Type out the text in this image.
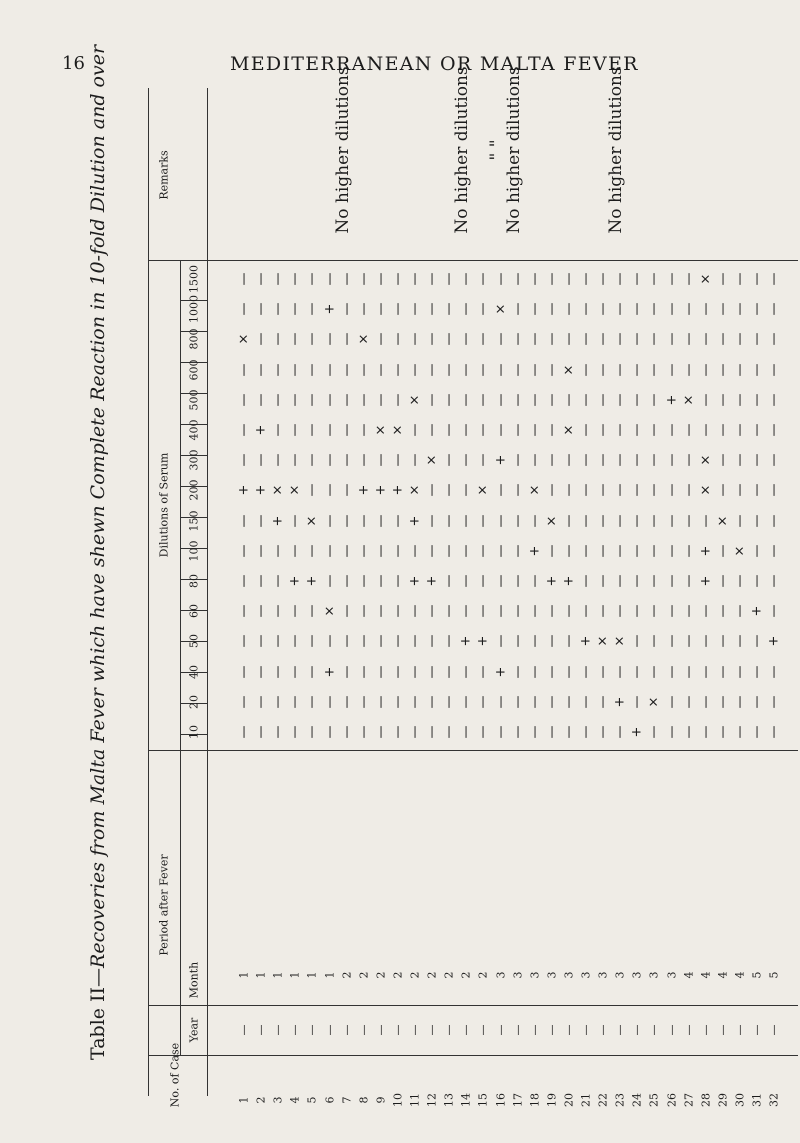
16	MEDITERRANEAN OR MALTA FEVER
Table II—Recoveries from Malta Fever which have shewn Complete Reaction in 10-fold Dilution and over	Remarks
Dilutions of Serum
Period after Fever
Month
Year
No. of Case
10
20
40
50
60
80
100
150
200
300
400
500
600
800
1000
1500
1
—
1
—
—
—
—
—
—
—
—
+
—
—
—
—
×
—
—
2
—
1
—
—
—
—
—
—
—
—
+
—
+
—
—
—
—
—
3
—
1
—
—
—
—
—
—
—
+
×
—
—
—
—
—
—
—
4
—
1
—
—
—
—
—
+
—
—
×
—
—
—
—
—
—
—
5
—
1
—
—
—
—
—
+
—
×
—
—
—
—
—
—
—
—
6
—
1
—
—
+
—
×
—
—
—
—
—
—
—
—
—
+
—
7
—
2
—
—
—
—
—
—
—
—
—
—
—
—
—
—
—
—
No higher dilutions
8
—
2
—
—
—
—
—
—
—
—
+
—
—
—
—
×
—
—
9
—
2
—
—
—
—
—
—
—
—
+
—
×
—
—
—
—
—
10
—
2
—
—
—
—
—
—
—
—
+
—
×
—
—
—
—
—
11
—
2
—
—
—
—
—
+
—
+
×
—
—
×
—
—
—
—
12
—
2
—
—
—
—
—
+
—
—
—
×
—
—
—
—
—
—
13
—
2
—
—
—
—
—
—
—
—
—
—
—
—
—
—
—
—
14
—
2
—
—
—
+
—
—
—
—
—
—
—
—
—
—
—
—
No higher dilutions
15
—
2
—
—
—
+
—
—
—
—
×
—
—
—
—
—
—
—
16
—
3
—
—
+
—
—
—
—
—
—
+
—
—
—
—
×
—
" "
17
—
3
—
—
—
—
—
—
—
—
—
—
—
—
—
—
—
—
No higher dilutions
18
—
3
—
—
—
—
—
—
+
—
×
—
—
—
—
—
—
—
19
—
3
—
—
—
—
—
+
—
×
—
—
—
—
—
—
—
—
20
—
3
—
—
—
—
—
+
—
—
—
—
×
—
×
—
—
—
21
—
3
—
—
—
+
—
—
—
—
—
—
—
—
—
—
—
—
22
—
3
—
—
—
×
—
—
—
—
—
—
—
—
—
—
—
—
23
—
3
—
+
—
×
—
—
—
—
—
—
—
—
—
—
—
—
No higher dilutions
24
—
3
+
—
—
—
—
—
—
—
—
—
—
—
—
—
—
—
25
—
3
—
×
—
—
—
—
—
—
—
—
—
—
—
—
—
—
26
—
3
—
—
—
—
—
—
—
—
—
—
—
+
—
—
—
—
27
—
4
—
—
—
—
—
—
—
—
—
—
—
×
—
—
—
—
28
—
4
—
—
—
—
—
+
+
—
×
×
—
—
—
—
—
×
29
—
4
—
—
—
—
—
—
—
×
—
—
—
—
—
—
—
—
30
—
4
—
—
—
—
—
—
×
—
—
—
—
—
—
—
—
—
31
—
5
—
—
—
—
+
—
—
—
—
—
—
—
—
—
—
—
32
—
5
—
—
—
+
—
—
—
—
—
—
—
—
—
—
—
—
